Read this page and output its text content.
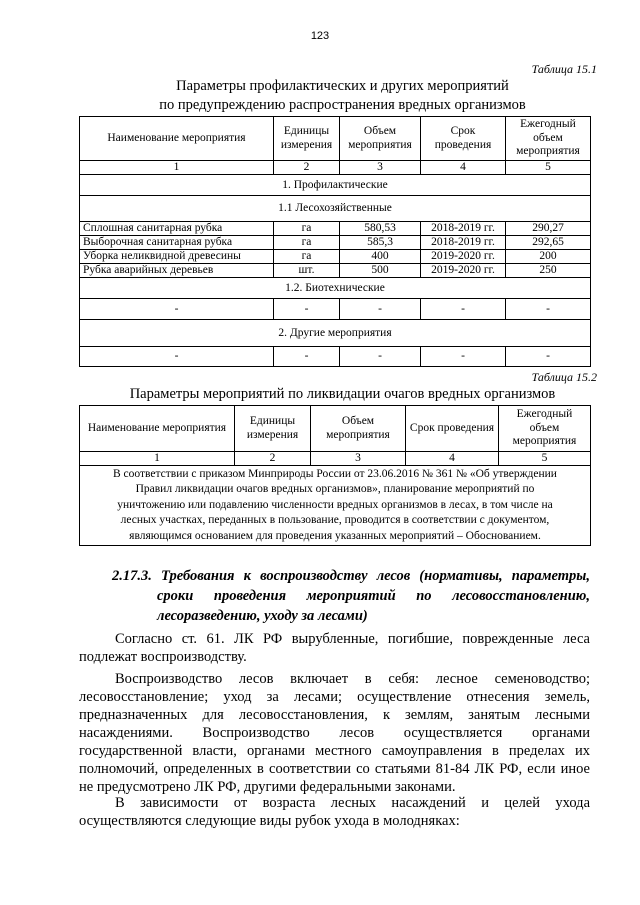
123
Таблица 15.1
Параметры профилактических и других мероприятий
по предупреждению распространения вредных организмов
Наименование мероприятия	Единицы измерения	Объем мероприятия	Срок проведения	Ежегодный объем мероприятия
1	2	3	4	5
1. Профилактические				
1.1 Лесохозяйственные				
Сплошная санитарная рубка	га	580,53	2018-2019 гг.	290,27
Выборочная санитарная рубка	га	585,3	2018-2019 гг.	292,65
Уборка неликвидной древесины	га	400	2019-2020 гг.	200
Рубка аварийных деревьев	шт.	500	2019-2020 гг.	250
1.2. Биотехнические				
-	-	-	-	-
2. Другие мероприятия				
-	-	-	-	-
Таблица 15.2
Параметры мероприятий по ликвидации очагов вредных организмов
Наименование мероприятия	Единицы измерения	Объем мероприятия	Срок проведения	Ежегодный объем мероприятия
1	2	3	4	5

В соответствии с приказом Минприроды России от 23.06.2016 № 361 № «Об утверждении
Правил ликвидации очагов вредных организмов», планирование мероприятий по
уничтожению или подавлению численности вредных организмов в лесах, в том числе на
лесных участках, переданных в пользование, проводится в соответствии с документом,
являющимся основанием для проведения указанных мероприятий – Обоснованием.				
2.17.3. Требования к воспроизводству лесов (нормативы, параметры,
сроки проведения мероприятий по лесовосстановлению,
лесоразведению, уходу за лесами)
Согласно ст. 61. ЛК РФ вырубленные, погибшие, поврежденные леса
подлежат воспроизводству.
Воспроизводство лесов включает в себя: лесное семеноводство;
лесовосстановление; уход за лесами; осуществление отнесения земель,
предназначенных для лесовосстановления, к землям, занятым лесными
насаждениями. Воспроизводство лесов осуществляется органами
государственной власти, органами местного самоуправления в пределах их
полномочий, определенных в соответствии со статьями 81-84 ЛК РФ, если иное
не предусмотрено ЛК РФ, другими федеральными законами.
В зависимости от возраста лесных насаждений и целей ухода
осуществляются следующие виды рубок ухода в молодняках:
